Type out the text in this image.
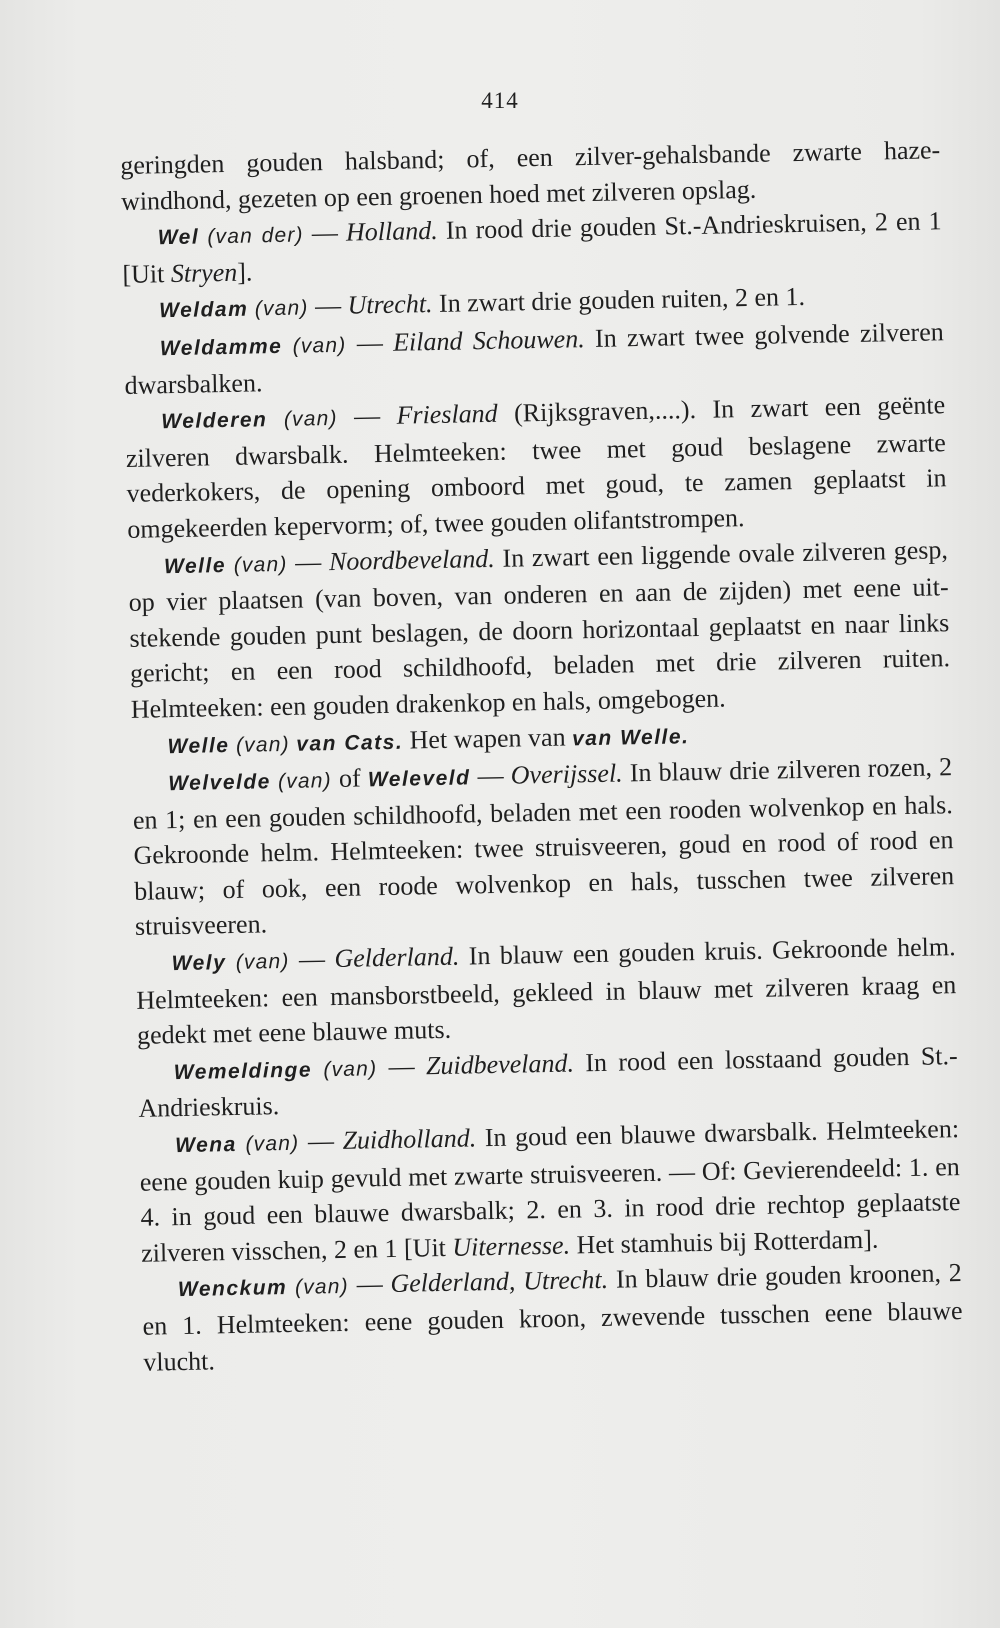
414

geringden gouden halsband; of, een zilver-gehalsbande zwarte haze-windhond, gezeten op een groenen hoed met zilveren opslag.

Wel (van der) — Holland. In rood drie gouden St.-Andrieskruisen, 2 en 1 [Uit Stryen].

Weldam (van) — Utrecht. In zwart drie gouden ruiten, 2 en 1.

Weldamme (van) — Eiland Schouwen. In zwart twee golvende zilveren dwarsbalken.

Welderen (van) — Friesland (Rijksgraven,....). In zwart een geënte zilveren dwarsbalk. Helmteeken: twee met goud beslagene zwarte vederkokers, de opening omboord met goud, te zamen geplaatst in omgekeerden kepervorm; of, twee gouden olifantstrompen.

Welle (van) — Noordbeveland. In zwart een liggende ovale zilveren gesp, op vier plaatsen (van boven, van onderen en aan de zijden) met eene uit-stekende gouden punt beslagen, de doorn horizontaal geplaatst en naar links gericht; en een rood schildhoofd, beladen met drie zilveren ruiten. Helmteeken: een gouden drakenkop en hals, omgebogen.

Welle (van) van Cats. Het wapen van van Welle.

Welvelde (van) of Weleveld — Overijssel. In blauw drie zilveren rozen, 2 en 1; en een gouden schildhoofd, beladen met een rooden wolvenkop en hals. Gekroonde helm. Helmteeken: twee struisveeren, goud en rood of rood en blauw; of ook, een roode wolvenkop en hals, tusschen twee zilveren struisveeren.

Wely (van) — Gelderland. In blauw een gouden kruis. Gekroonde helm. Helmteeken: een mansborstbeeld, gekleed in blauw met zilveren kraag en gedekt met eene blauwe muts.

Wemeldinge (van) — Zuidbeveland. In rood een losstaand gouden St.-Andrieskruis.

Wena (van) — Zuidholland. In goud een blauwe dwarsbalk. Helmteeken: eene gouden kuip gevuld met zwarte struisveeren. — Of: Gevierendeeld: 1. en 4. in goud een blauwe dwarsbalk; 2. en 3. in rood drie rechtop geplaatste zilveren visschen, 2 en 1 [Uit Uiternesse. Het stamhuis bij Rotterdam].

Wenckum (van) — Gelderland, Utrecht. In blauw drie gouden kroonen, 2 en 1. Helmteeken: eene gouden kroon, zwevende tusschen eene blauwe vlucht.
